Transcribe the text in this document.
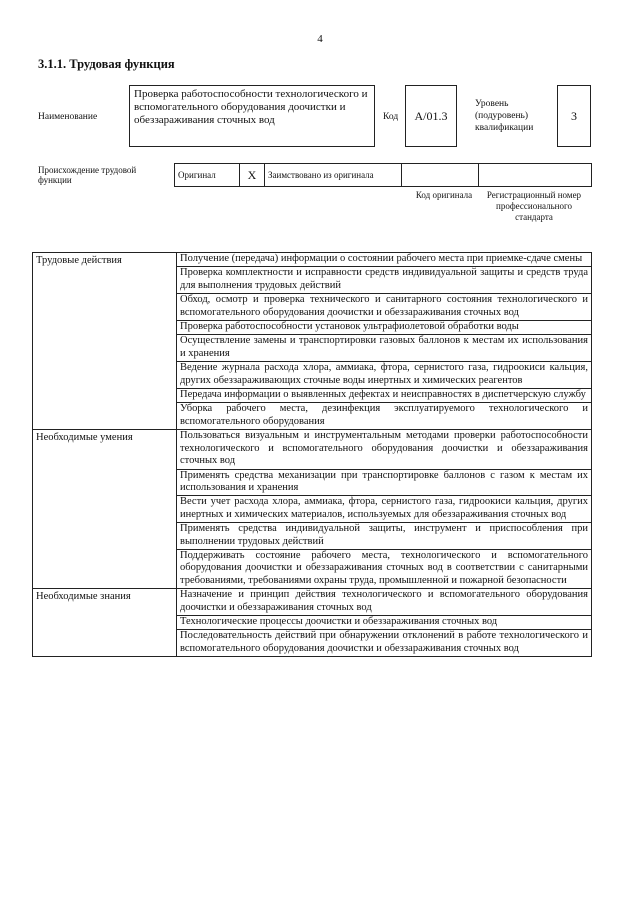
4
3.1.1. Трудовая функция
Наименование
Проверка работоспособности технологического и вспомогательного оборудования доочистки и обеззараживания сточных вод	Код	A/01.3
Уровень (подуровень) квалификации
3
Происхождение трудовой функции	Оригинал	X	Заимствовано из оригинала		
Код оригинала	Регистрационный номер профессионального стандарта
Трудовые действия	Получение (передача) информации о состоянии рабочего места при приемке-сдаче смены
	Проверка комплектности и исправности средств индивидуальной защиты и средств труда для выполнения трудовых действий
	Обход, осмотр и проверка технического и санитарного состояния технологического и вспомогательного оборудования доочистки и обеззараживания сточных вод
	Проверка работоспособности установок ультрафиолетовой обработки воды
	Осуществление замены и транспортировки газовых баллонов к местам их использования и хранения
	Ведение журнала расхода хлора, аммиака, фтора, сернистого газа, гидроокиси кальция, других обеззараживающих сточные воды инертных и химических реагентов
	Передача информации о выявленных дефектах и неисправностях в диспетчерскую службу
	Уборка рабочего места, дезинфекция эксплуатируемого технологического и вспомогательного оборудования
Необходимые умения	Пользоваться визуальным и инструментальным методами проверки работоспособности технологического и вспомогательного оборудования доочистки и обеззараживания сточных вод
	Применять средства механизации при транспортировке баллонов с газом к местам их использования и хранения
	Вести учет расхода хлора, аммиака, фтора, сернистого газа, гидроокиси кальция, других инертных и химических материалов, используемых для обеззараживания сточных вод
	Применять средства индивидуальной защиты, инструмент и приспособления при выполнении трудовых действий
	Поддерживать состояние рабочего места, технологического и вспомогательного оборудования доочистки и обеззараживания сточных вод в соответствии с санитарными требованиями, требованиями охраны труда, промышленной и пожарной безопасности
Необходимые знания	Назначение и принцип действия технологического и вспомогательного оборудования доочистки и обеззараживания сточных вод
	Технологические процессы доочистки и обеззараживания сточных вод
	Последовательность действий при обнаружении отклонений в работе технологического и вспомогательного оборудования доочистки и обеззараживания сточных вод
